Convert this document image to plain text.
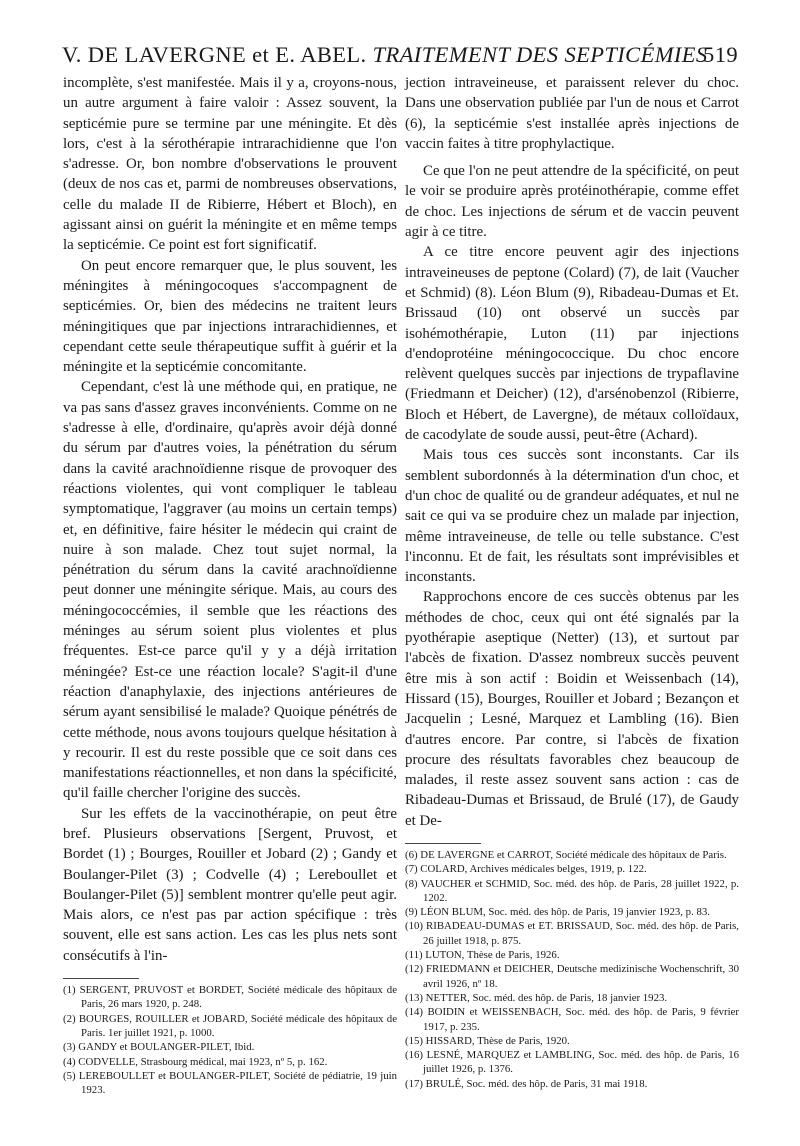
V. DE LAVERGNE et E. ABEL. TRAITEMENT DES SEPTICÉMIES
519

incomplète, s'est manifestée. Mais il y a, croyons-nous, un autre argument à faire valoir : Assez souvent, la septicémie pure se termine par une méningite. Et dès lors, c'est à la sérothérapie intrarachidienne que l'on s'adresse. Or, bon nombre d'observations le prouvent (deux de nos cas et, parmi de nombreuses observations, celle du malade II de Ribierre, Hébert et Bloch), en agissant ainsi on guérit la méningite et en même temps la septicémie. Ce point est fort significatif.

On peut encore remarquer que, le plus souvent, les méningites à méningocoques s'accompagnent de septicémies. Or, bien des médecins ne traitent leurs méningitiques que par injections intrarachidiennes, et cependant cette seule thérapeutique suffit à guérir et la méningite et la septicémie concomitante.

Cependant, c'est là une méthode qui, en pratique, ne va pas sans d'assez graves inconvénients. Comme on ne s'adresse à elle, d'ordinaire, qu'après avoir déjà donné du sérum par d'autres voies, la pénétration du sérum dans la cavité arachnoïdienne risque de provoquer des réactions violentes, qui vont compliquer le tableau symptomatique, l'aggraver (au moins un certain temps) et, en définitive, faire hésiter le médecin qui craint de nuire à son malade. Chez tout sujet normal, la pénétration du sérum dans la cavité arachnoïdienne peut donner une méningite sérique. Mais, au cours des méningococcémies, il semble que les réactions des méninges au sérum soient plus violentes et plus fréquentes. Est-ce parce qu'il y y a déjà irritation méningée? Est-ce une réaction locale? S'agit-il d'une réaction d'anaphylaxie, des injections antérieures de sérum ayant sensibilisé le malade? Quoique pénétrés de cette méthode, nous avons toujours quelque hésitation à y recourir. Il est du reste possible que ce soit dans ces manifestations réactionnelles, et non dans la spécificité, qu'il faille chercher l'origine des succès.

Sur les effets de la vaccinothérapie, on peut être bref. Plusieurs observations [Sergent, Pruvost, et Bordet (1) ; Bourges, Rouiller et Jobard (2) ; Gandy et Boulanger-Pilet (3) ; Codvelle (4) ; Lereboullet et Boulanger-Pilet (5)] semblent montrer qu'elle peut agir. Mais alors, ce n'est pas par action spécifique : très souvent, elle est sans action. Les cas les plus nets sont consécutifs à l'in-

(1) SERGENT, PRUVOST et BORDET, Société médicale des hôpitaux de Paris, 26 mars 1920, p. 248.

(2) BOURGES, ROUILLER et JOBARD, Société médicale des hôpitaux de Paris. 1er juillet 1921, p. 1000.

(3) GANDY et BOULANGER-PILET, Ibid.

(4) CODVELLE, Strasbourg médical, mai 1923, nº 5, p. 162.

(5) LEREBOULLET et BOULANGER-PILET, Société de pédiatrie, 19 juin 1923.

jection intraveineuse, et paraissent relever du choc. Dans une observation publiée par l'un de nous et Carrot (6), la septicémie s'est installée après injections de vaccin faites à titre prophylactique.

Ce que l'on ne peut attendre de la spécificité, on peut le voir se produire après protéinothérapie, comme effet de choc. Les injections de sérum et de vaccin peuvent agir à ce titre.

A ce titre encore peuvent agir des injections intraveineuses de peptone (Colard) (7), de lait (Vaucher et Schmid) (8). Léon Blum (9), Ribadeau-Dumas et Et. Brissaud (10) ont observé un succès par isohémothérapie, Luton (11) par injections d'endoprotéine méningococcique. Du choc encore relèvent quelques succès par injections de trypaflavine (Friedmann et Deicher) (12), d'arsénobenzol (Ribierre, Bloch et Hébert, de Lavergne), de métaux colloïdaux, de cacodylate de soude aussi, peut-être (Achard).

Mais tous ces succès sont inconstants. Car ils semblent subordonnés à la détermination d'un choc, et d'un choc de qualité ou de grandeur adéquates, et nul ne sait ce qui va se produire chez un malade par injection, même intraveineuse, de telle ou telle substance. C'est l'inconnu. Et de fait, les résultats sont imprévisibles et inconstants.

Rapprochons encore de ces succès obtenus par les méthodes de choc, ceux qui ont été signalés par la pyothérapie aseptique (Netter) (13), et surtout par l'abcès de fixation. D'assez nombreux succès peuvent être mis à son actif : Boidin et Weissenbach (14), Hissard (15), Bourges, Rouiller et Jobard ; Bezançon et Jacquelin ; Lesné, Marquez et Lambling (16). Bien d'autres encore. Par contre, si l'abcès de fixation procure des résultats favorables chez beaucoup de malades, il reste assez souvent sans action : cas de Ribadeau-Dumas et Brissaud, de Brulé (17), de Gaudy et De-

(6) DE LAVERGNE et CARROT, Société médicale des hôpitaux de Paris.

(7) COLARD, Archives médicales belges, 1919, p. 122.

(8) VAUCHER et SCHMID, Soc. méd. des hôp. de Paris, 28 juillet 1922, p. 1202.

(9) LÉON BLUM, Soc. méd. des hôp. de Paris, 19 janvier 1923, p. 83.

(10) RIBADEAU-DUMAS et ET. BRISSAUD, Soc. méd. des hôp. de Paris, 26 juillet 1918, p. 875.

(11) LUTON, Thèse de Paris, 1926.

(12) FRIEDMANN et DEICHER, Deutsche medizinische Wochenschrift, 30 avril 1926, nº 18.

(13) NETTER, Soc. méd. des hôp. de Paris, 18 janvier 1923.

(14) BOIDIN et WEISSENBACH, Soc. méd. des hôp. de Paris, 9 février 1917, p. 235.

(15) HISSARD, Thèse de Paris, 1920.

(16) LESNÉ, MARQUEZ et LAMBLING, Soc. méd. des hôp. de Paris, 16 juillet 1926, p. 1376.

(17) BRULÉ, Soc. méd. des hôp. de Paris, 31 mai 1918.
